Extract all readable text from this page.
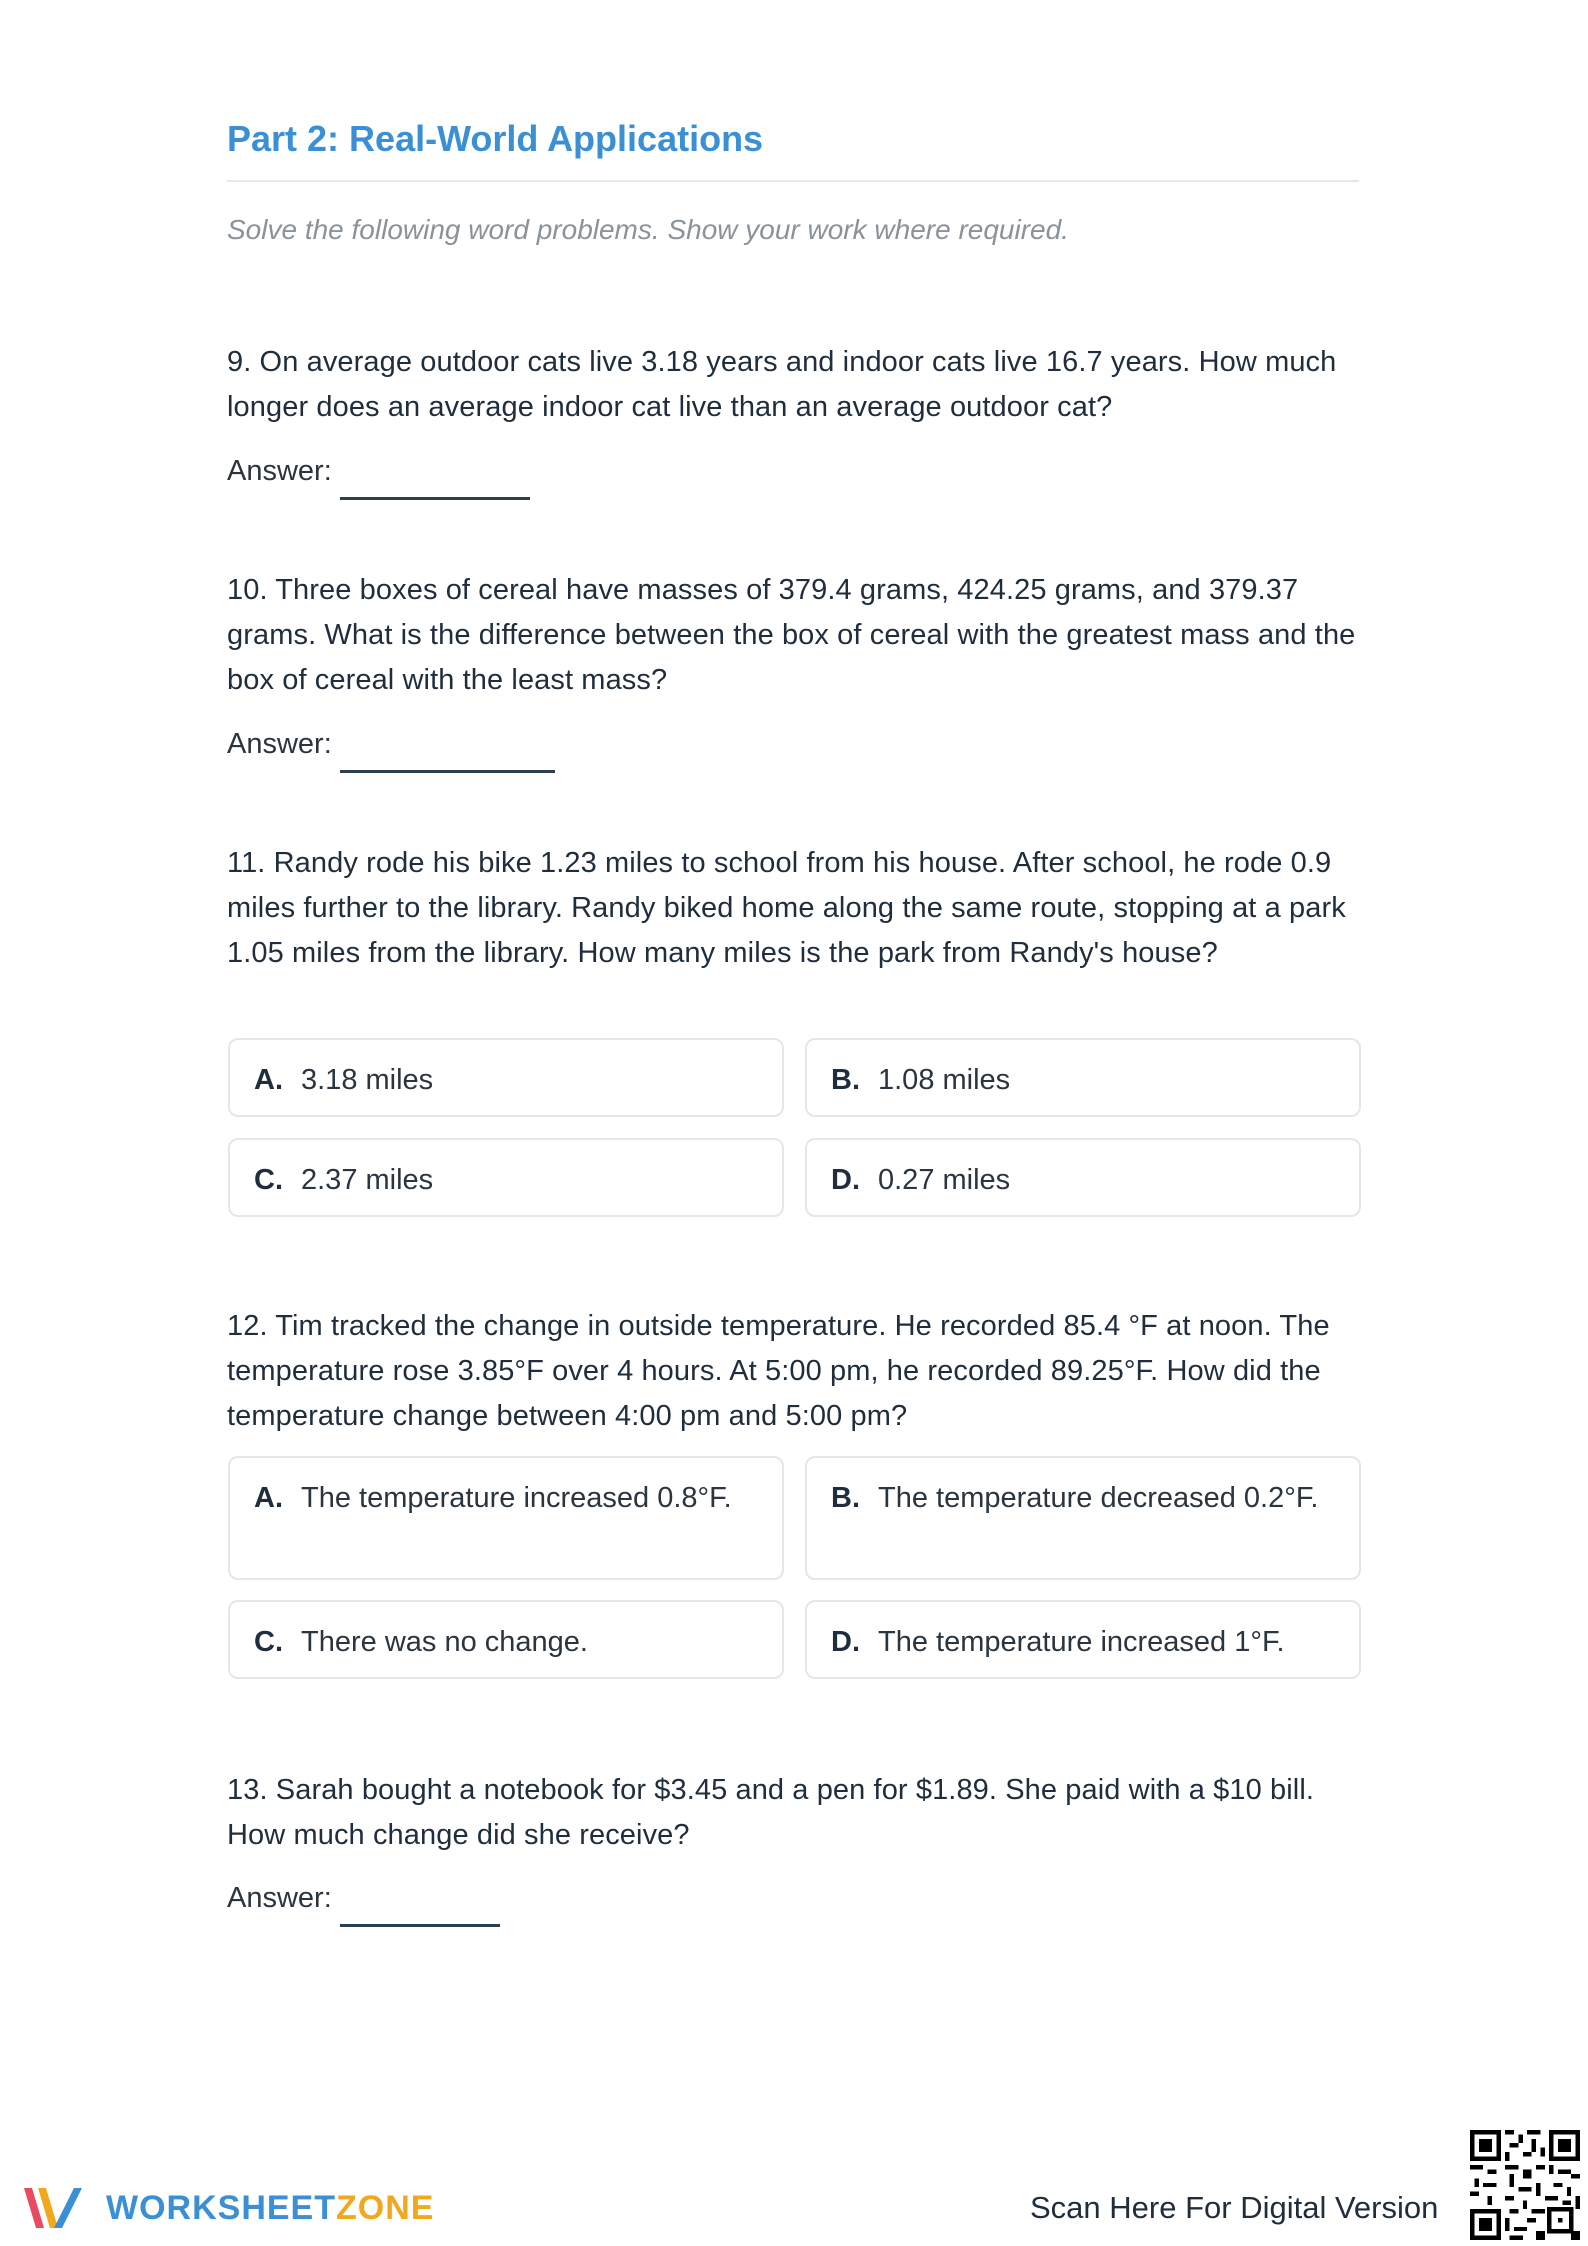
Part 2: Real-World Applications
Solve the following word problems. Show your work where required.
9. On average outdoor cats live 3.18 years and indoor cats live 16.7 years. How much longer does an average indoor cat live than an average outdoor cat?
Answer:
10. Three boxes of cereal have masses of 379.4 grams, 424.25 grams, and 379.37 grams. What is the difference between the box of cereal with the greatest mass and the box of cereal with the least mass?
Answer:
11. Randy rode his bike 1.23 miles to school from his house. After school, he rode 0.9 miles further to the library. Randy biked home along the same route, stopping at a park 1.05 miles from the library. How many miles is the park from Randy's house?
A. 3.18 miles	B. 1.08 miles
C. 2.37 miles	D. 0.27 miles
12. Tim tracked the change in outside temperature. He recorded 85.4 °F at noon. The temperature rose 3.85°F over 4 hours. At 5:00 pm, he recorded 89.25°F. How did the temperature change between 4:00 pm and 5:00 pm?
A. The temperature increased 0.8°F.	B. The temperature decreased 0.2°F.
C. There was no change.	D. The temperature increased 1°F.
13. Sarah bought a notebook for $3.45 and a pen for $1.89. She paid with a $10 bill. How much change did she receive?
Answer:
WORKSHEETZONE	Scan Here For Digital Version
